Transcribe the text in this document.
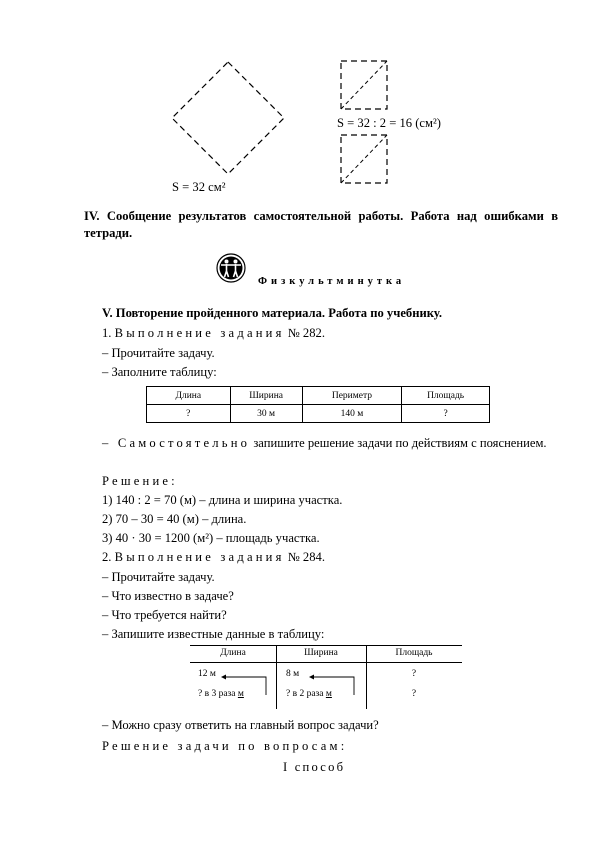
S = 32 см²
S = 32 : 2 = 16 (см²)
IV. Сообщение результатов самостоятельной работы. Работа над ошибками в тетради.
Физкультминутка
V. Повторение пройденного материала. Работа по учебнику.
1. Выполнение задания № 282.
– Прочитайте задачу.
– Заполните таблицу:
Длина	Ширина	Периметр	Площадь
?	30 м	140 м	?
– Самостоятельно запишите решение задачи по действиям с пояснением.
Решение:
1) 140 : 2 = 70 (м) – длина и ширина участка.
2) 70 – 30 = 40 (м) – длина.
3) 40 · 30 = 1200 (м²) – площадь участка.
2. Выполнение задания № 284.
– Прочитайте задачу.
– Что известно в задаче?
– Что требуется найти?
– Запишите известные данные в таблицу:
Длина	Ширина	Площадь
12 м	8 м	?
? в 3 раза м	? в 2 раза м	?
– Можно сразу ответить на главный вопрос задачи?
Решение задачи по вопросам:
I способ
